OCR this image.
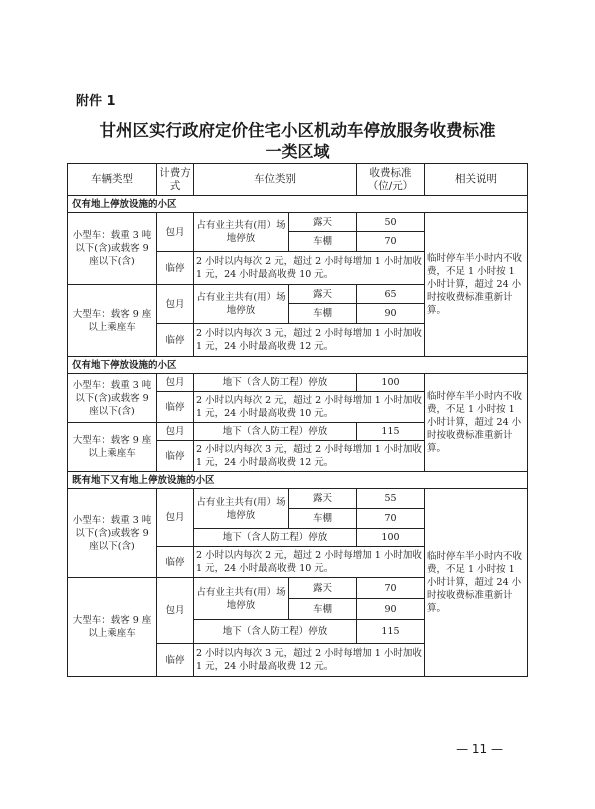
附件 1
甘州区实行政府定价住宅小区机动车停放服务收费标准
一类区域
车辆类型	计费方式	车位类别		收费标准（位/元）	相关说明
仅有地上停放设施的小区					
小型车：载重 3 吨以下(含)或载客 9 座以下(含)	包月	占有业主共有(用）场地停放	露天	50	临时停车半小时内不收费，不足 1 小时按 1 小时计算，超过 24 小时按收费标准重新计算。
			车棚	70	
	临停	2 小时以内每次 2 元，超过 2 小时每增加 1 小时加收 1 元，24 小时最高收费 10 元。			
大型车：载客 9 座以上乘座车	包月	占有业主共有(用）场地停放	露天	65	
			车棚	90	
	临停	2 小时以内每次 3 元，超过 2 小时每增加 1 小时加收 1 元，24 小时最高收费 12 元。			
仅有地下停放设施的小区					
小型车：载重 3 吨以下(含)或载客 9 座以下(含)	包月	地下（含人防工程）停放		100	临时停车半小时内不收费，不足 1 小时按 1 小时计算，超过 24 小时按收费标准重新计算。
	临停	2 小时以内每次 2 元，超过 2 小时每增加 1 小时加收 1 元，24 小时最高收费 10 元。			
大型车：载客 9 座以上乘座车	包月	地下（含人防工程）停放		115	
	临停	2 小时以内每次 3 元，超过 2 小时每增加 1 小时加收 1 元，24 小时最高收费 12 元。			
既有地下又有地上停放设施的小区					
小型车：载重 3 吨以下(含)或载客 9 座以下(含)	包月	占有业主共有(用）场地停放	露天	55	临时停车半小时内不收费，不足 1 小时按 1 小时计算，超过 24 小时按收费标准重新计算。
			车棚	70	
		地下（含人防工程）停放		100	
	临停	2 小时以内每次 2 元，超过 2 小时每增加 1 小时加收 1 元，24 小时最高收费 10 元。			
大型车：载客 9 座以上乘座车	包月	占有业主共有(用）场地停放	露天	70	
			车棚	90	
		地下（含人防工程）停放		115	
	临停	2 小时以内每次 3 元，超过 2 小时每增加 1 小时加收 1 元，24 小时最高收费 12 元。			
— 11 —
